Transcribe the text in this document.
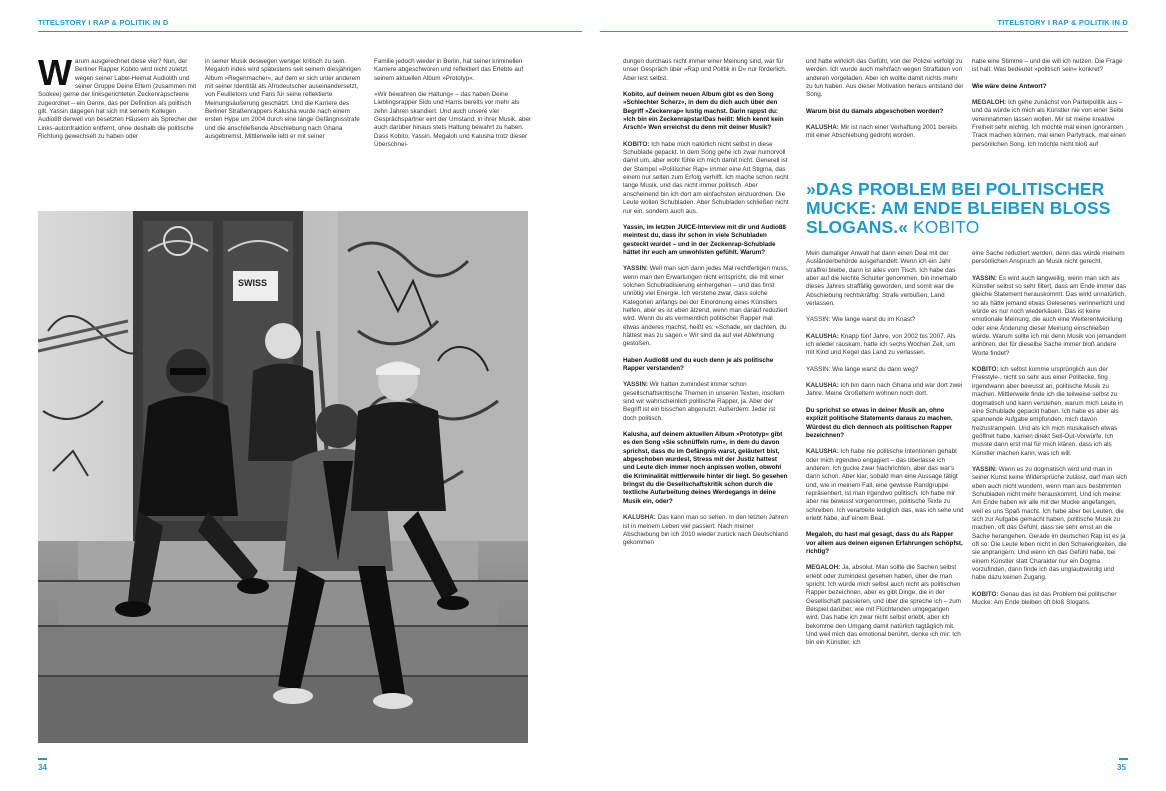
TITELSTORY I RAP & POLITIK IN D	TITELSTORY I RAP & POLITIK IN D

Warum ausgerechnet diese vier? Nun, der Berliner Rapper Kobito wird nicht zuletzt wegen seiner Label-Heimat Audiolith und seiner Gruppe Deine Eltern (zusammen mit Sookee) gerne der linksgerichteten Zeckenrapschiene zugeordnet – ein Genre, das per Definition als politisch gilt. Yassin dagegen hat sich mit seinem Kollegen Audio88 derweil von besetzten Häusern als Sprecher der Links-autonfraktion entfernt, ohne deshalb die politische Richtung gewechselt zu haben oder

in seiner Musik deswegen weniger kritisch zu sein. Megaloh indes wird spätestens seit seinem diesjährigen Album »Regenmacher«, auf dem er sich unter anderem mit seiner Identität als Afrodeutscher auseinandersetzt, von Feuilletons und Fans für seine reflektierte Meinungsäußerung geschätzt. Und die Karriere des Berliner Straßenrappers Kalusha wurde nach einem ersten Hype um 2004 durch eine lange Gefängnisstrafe und die anschließende Abschiebung nach Ghana ausgebremst. Mittlerweile lebt er mit seiner

Familie jedoch wieder in Berlin, hat seiner kriminellen Karriere abgeschworen und reflektiert das Erlebte auf seinem aktuellen Album »Prototyp«.

»Wir bewahren die Haltung« – das haben Deine Lieblingsrapper Sido und Harris bereits vor mehr als zehn Jahren skandiert. Und auch unsere vier Gesprächspartner eint der Umstand, in ihrer Musik, aber auch darüber hinaus stets Haltung bewahrt zu haben. Dass Kobito, Yassin, Megaloh und Kalusha trotz dieser Überschnei-

SWISS

dungen durchaus nicht immer einer Meinung sind, war für unser Gespräch über »Rap und Politik in D« nur förderlich. Aber lest selbst.

Kobito, auf deinem neuen Album gibt es den Song »Schlechter Scherz«, in dem du dich auch über den Begriff »Zeckenrap« lustig machst. Darin rappst du: »Ich bin ein Zeckenrapstar/Das heißt: Mich kennt kein Arsch!« Wen erreichst du denn mit deiner Musik?

KOBITO: Ich habe mich natürlich nicht selbst in diese Schublade gepackt. In dem Song gehe ich zwar humorvoll damit um, aber wohl fühle ich mich damit nicht. Generell ist der Stempel »Politischer Rap« immer eine Art Stigma, das einem nur selten zum Erfolg verhilft. Ich mache schon recht lange Musik, und das nicht immer politisch. Aber anscheinend bin ich dort am einfachsten einzuordnen. Die Leute wollen Schubladen. Aber Schubladen schließen nicht nur ein, sondern auch aus.

Yassin, im letzten JUICE-Interview mit dir und Audio88 meintest du, dass ihr schon in viele Schubladen gesteckt wurdet – und in der Zeckenrap-Schublade hättet ihr euch am unwohlsten gefühlt. Warum?

YASSIN: Weil man sich dann jedes Mal rechtfertigen muss, wenn man den Erwartungen nicht entspricht, die mit einer solchen Schubladisierung einhergehen – und das finst unnötig viel Energie. Ich verstehe zwar, dass solche Kategorien anfangs bei der Einordnung eines Künstlers helfen, aber es ist eben ätzend, wenn man darauf reduziert wird. Wenn du als vermeintlich politischer Rapper mal etwas anderes machst, heißt es: »Schade, wir dachten, du hättest was zu sagen.« Wir sind da auf viel Ablehnung gestoßen.

Haben Audio88 und du euch denn je als politische Rapper verstanden?

YASSIN: Wir hatten zumindest immer schon gesellschaftskritische Themen in unseren Texten, insofern sind wir wahrscheinlich politische Rapper, ja. Aber der Begriff ist ein bisschen abgenutzt. Außerdem: Jeder ist doch politisch.

Kalusha, auf deinem aktuellen Album »Prototyp« gibt es den Song »Sie schnüffeln rum«, in dem du davon sprichst, dass du im Gefängnis warst, geläutert bist, abgeschoben wurdest, Stress mit der Justiz hattest und Leute dich immer noch anpissen wollen, obwohl die Kriminalität mittlerweile hinter dir liegt. So gesehen bringst du die Gesellschaftskritik schon durch die textliche Aufarbeitung deines Werdegangs in deine Musik ein, oder?

KALUSHA: Das kann man so sehen. In den letzten Jahren ist in meinem Leben viel passiert. Nach meiner Abschiebung bin ich 2010 wieder zurück nach Deutschland gekommen

und hatte wirklich das Gefühl, von der Polizei verfolgt zu werden. Ich wurde auch mehrfach wegen Straftaten von anderen vorgeladen. Aber ich wollte damit nichts mehr zu tun haben. Aus dieser Motivation heraus entstand der Song.

Warum bist du damals abgeschoben worden?

KALUSHA: Mir ist nach einer Verhaftung 2001 bereits mit einer Abschiebung gedroht worden.

habe eine Stimme – und die will ich nutzen. Die Frage ist halt: Was bedeutet »politisch sein« konkret?

Wie wäre deine Antwort?

MEGALOH: Ich gehe zunächst von Parteipolitik aus – und da würde ich mich als Künstler nie von einer Seite vereinnahmen lassen wollen. Mir ist meine kreative Freiheit sehr wichtig. Ich möchte mal einen ignoranten Track machen können, mal einen Partytrack, mal einen persönlichen Song. Ich möchte nicht bloß auf

»DAS PROBLEM BEI POLITISCHER MUCKE: AM ENDE BLEIBEN BLOSS SLOGANS.« KOBITO

Mein damaliger Anwalt hat dann einen Deal mit der Ausländerbehörde ausgehandelt: Wenn ich ein Jahr straffrei bleibe, dann ist alles vom Tisch. Ich habe das aber auf die leichte Schulter genommen, bin innerhalb dieses Jahres straffällig geworden, und somit war die Abschiebung rechtskräftig: Strafe verbüßen, Land verlassen.

YASSIN: Wie lange warst du im Knast?

KALUSHA: Knapp fünf Jahre, von 2002 bis 2007. Als ich wieder rauskam, hatte ich sechs Wochen Zeit, um mit Kind und Kegel das Land zu verlassen.

YASSIN: Wie lange warst du dann weg?

KALUSHA: Ich bin dann nach Ghana und war dort zwei Jahre. Meine Großeltern wohnen noch dort.

Du sprichst so etwas in deiner Musik an, ohne explizit politische Statements daraus zu machen. Würdest du dich dennoch als politischen Rapper bezeichnen?

KALUSHA: Ich habe nie politische Intentionen gehabt oder mich irgendwo engagiert – das überlasse ich anderen. Ich gucke zwar Nachrichten, aber das war's dann schon. Aber klar, sobald man eine Aussage tätigt und, wie in meinem Fall, eine gewisse Randgruppe repräsentiert, ist man irgendwo politisch. Ich habe mir aber nie bewusst vorgenommen, politische Texte zu schreiben. Ich verarbeite lediglich das, was ich sehe und erlebt habe, auf einem Beat.

Megaloh, du hast mal gesagt, dass du als Rapper vor allem aus deinen eigenen Erfahrungen schöpfst, richtig?

MEGALOH: Ja, absolut. Man sollte die Sachen selbst erlebt oder zumindest gesehen haben, über die man spricht. Ich würde mich selbst auch nicht als politischen Rapper bezeichnen, aber es gibt Dinge, die in der Gesellschaft passieren, und über die spreche ich – zum Beispiel darüber, wie mit Flüchtenden umgegangen wird. Das habe ich zwar nicht selbst erlebt, aber ich bekomme den Umgang damit natürlich tagtäglich mit. Und weil mich das emotional berührt, denke ich mir: Ich bin ein Künstler, ich

eine Sache reduziert werden, denn das würde meinem persönlichen Anspruch an Musik nicht gerecht.

YASSIN: Es wird auch langweilig, wenn man sich als Künstler selbst so sehr filtert, dass am Ende immer das gleiche Statement herauskommt. Das wirkt unnatürlich, so als hätte jemand etwas Gelesenes verinnerlicht und würde es nur noch wiederkäuen. Das ist keine emotionale Meinung, die auch eine Weiterentwicklung oder eine Änderung dieser Meinung einschließen würde. Warum sollte ich mir denn Musik von jemandem anhören, der für dieselbe Sache immer bloß andere Worte findet?

KOBITO: Ich selbst komme ursprünglich aus der Freestyle-, nicht so sehr aus einer Politecke, fing irgendwann aber bewusst an, politische Musik zu machen. Mittlerweile finde ich die teilweise selbst zu dogmatisch und kann verstehen, warum mich Leute in eine Schublade gepackt haben. Ich habe es aber als spannende Aufgabe empfunden, mich davon freizustrampeln. Und als ich mich musikalisch etwas geöffnet habe, kamen direkt Sell-Out-Vorwürfe. Ich musste dann erst mal für mich klären, dass ich als Künstler machen kann, was ich will.

YASSIN: Wenn es zu dogmatisch wird und man in seiner Kunst keine Widersprüche zulässt, darf man sich eben auch nicht wundern, wenn man aus bestimmten Schubladen nicht mehr herauskommt. Und ich meine: Am Ende haben wir alle mit der Mucke angefangen, weil es uns Spaß macht. Ich habe aber bei Leuten, die sich zur Aufgabe gemacht haben, politische Musik zu machen, oft das Gefühl, dass sie sehr ernst an die Sache herangehen. Gerade im deutschen Rap ist es ja oft so: Die Leute leben nicht in den Schwierigkeiten, die sie anprangern. Und wenn ich das Gefühl habe, bei einem Künstler statt Charakter nur ein Dogma vorzufinden, dann finde ich das unglaubwürdig und habe dazu keinen Zugang.

KOBITO: Genau das ist das Problem bei politischer Mucke: Am Ende bleiben oft bloß Slogans.

34	35
